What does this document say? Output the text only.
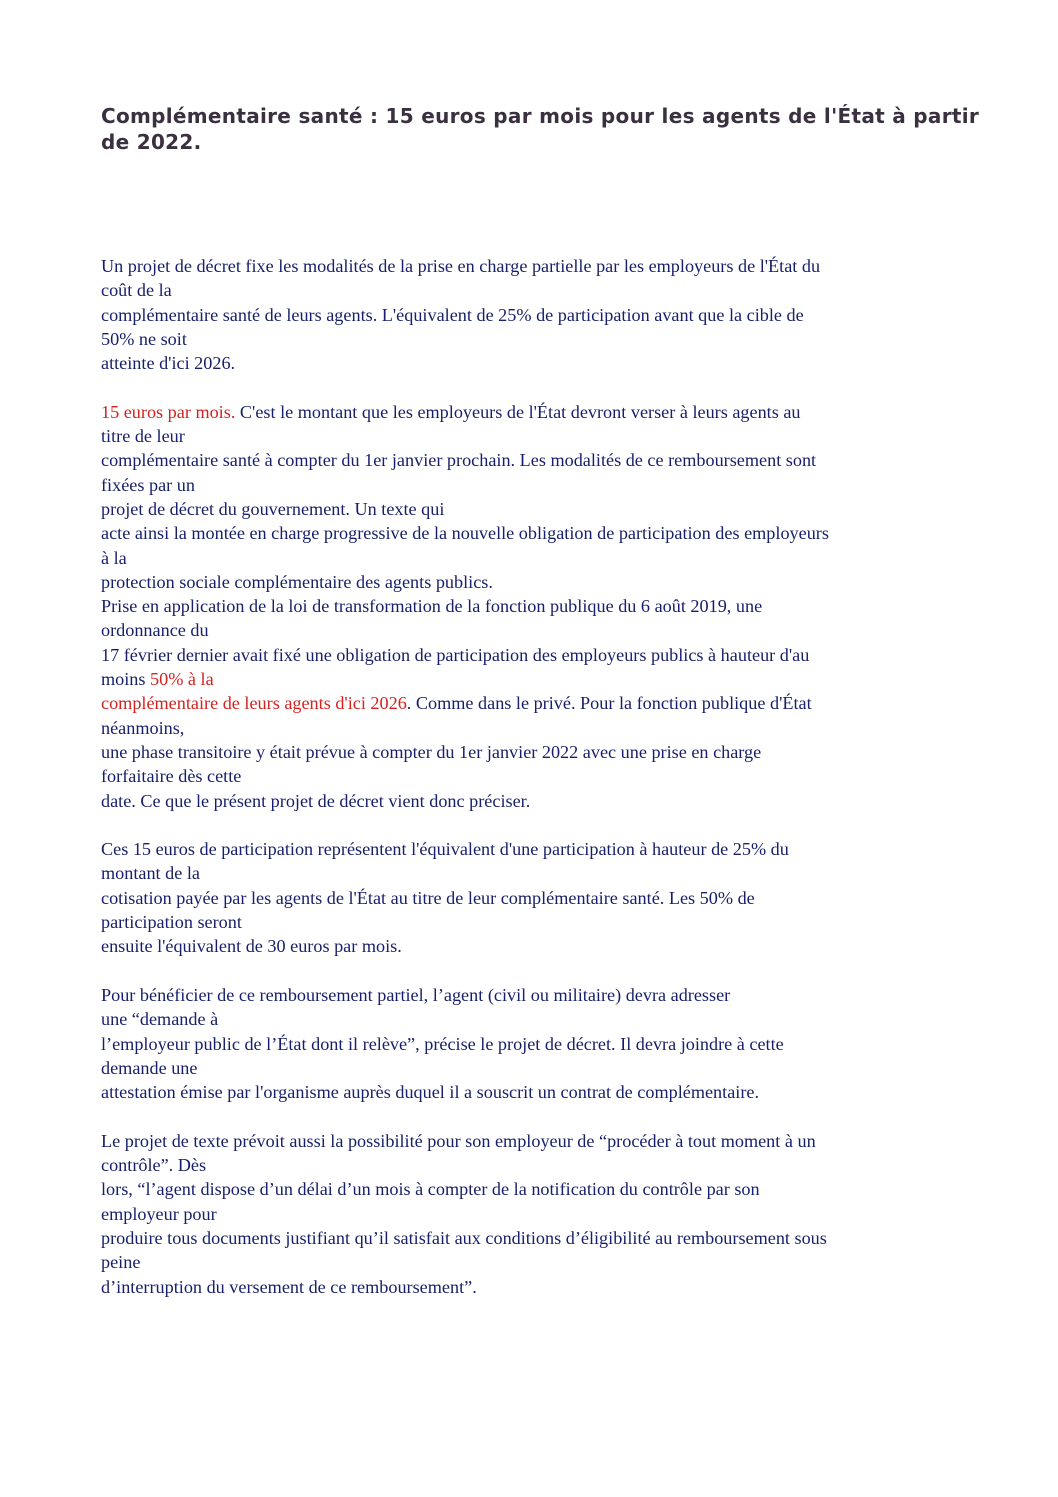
Complémentaire santé : 15 euros par mois pour les agents de l'État à partir de 2022.

Un projet de décret fixe les modalités de la prise en charge partielle par les employeurs de l'État du

coût de la

complémentaire santé de leurs agents. L'équivalent de 25% de participation avant que la cible de

50% ne soit

atteinte d'ici 2026.

15 euros par mois. C'est le montant que les employeurs de l'État devront verser à leurs agents au

titre de leur

complémentaire santé à compter du 1er janvier prochain. Les modalités de ce remboursement sont

fixées par un

projet de décret du gouvernement. Un texte qui

acte ainsi la montée en charge progressive de la nouvelle obligation de participation des employeurs

à la

protection sociale complémentaire des agents publics.

Prise en application de la loi de transformation de la fonction publique du 6 août 2019, une

ordonnance du

17 février dernier avait fixé une obligation de participation des employeurs publics à hauteur d'au

moins 50% à la

complémentaire de leurs agents d'ici 2026. Comme dans le privé. Pour la fonction publique d'État

néanmoins,

une phase transitoire y était prévue à compter du 1er janvier 2022 avec une prise en charge

forfaitaire dès cette

date. Ce que le présent projet de décret vient donc préciser.

Ces 15 euros de participation représentent l'équivalent d'une participation à hauteur de 25% du

montant de la

cotisation payée par les agents de l'État au titre de leur complémentaire santé. Les 50% de

participation seront

ensuite l'équivalent de 30 euros par mois.

Pour bénéficier de ce remboursement partiel, l’agent (civil ou militaire) devra adresser

une “demande à

l’employeur public de l’État dont il relève”, précise le projet de décret. Il devra joindre à cette

demande une

attestation émise par l'organisme auprès duquel il a souscrit un contrat de complémentaire.

Le projet de texte prévoit aussi la possibilité pour son employeur de “procéder à tout moment à un

contrôle”. Dès

lors, “l’agent dispose d’un délai d’un mois à compter de la notification du contrôle par son

employeur pour

produire tous documents justifiant qu’il satisfait aux conditions d’éligibilité au remboursement sous

peine

d’interruption du versement de ce remboursement”.
